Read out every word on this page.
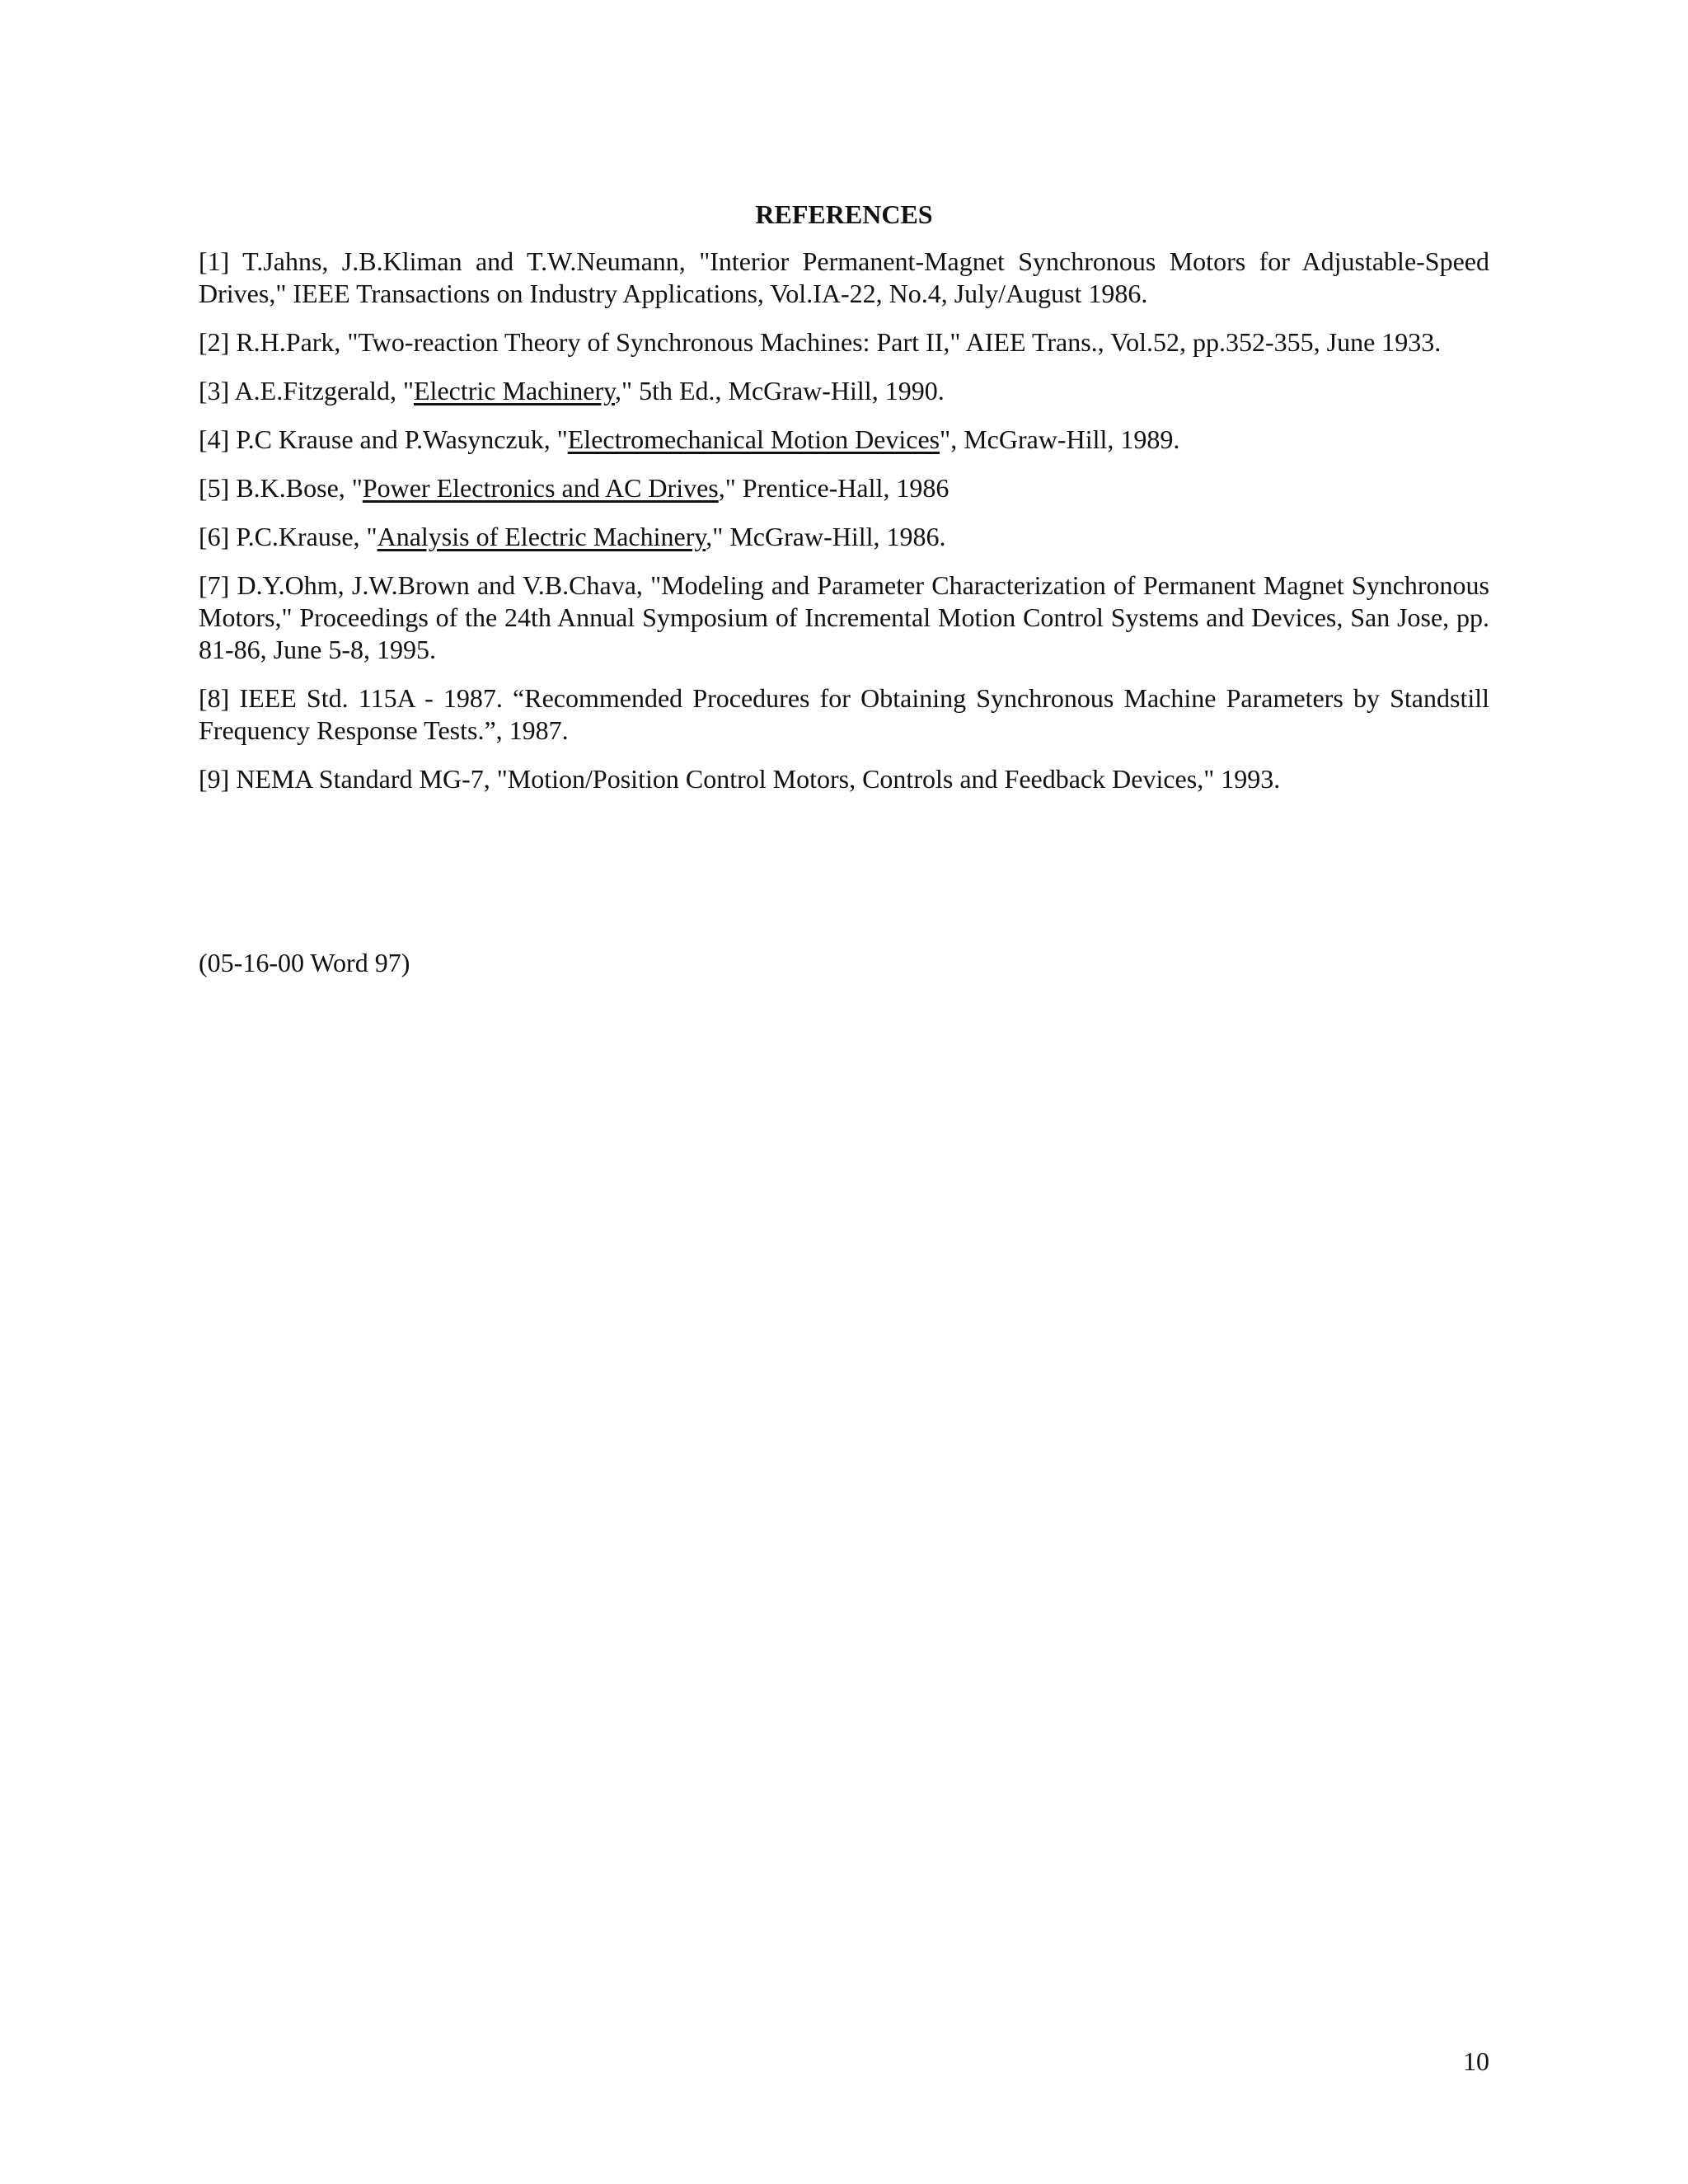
REFERENCES

[1] T.Jahns, J.B.Kliman and T.W.Neumann, "Interior Permanent-Magnet Synchronous Motors for Adjustable-Speed Drives," IEEE Transactions on Industry Applications, Vol.IA-22, No.4, July/August 1986.

[2] R.H.Park, "Two-reaction Theory of Synchronous Machines: Part II," AIEE Trans., Vol.52, pp.352-355, June 1933.

[3] A.E.Fitzgerald, "Electric Machinery," 5th Ed., McGraw-Hill, 1990.

[4] P.C Krause and P.Wasynczuk, "Electromechanical Motion Devices", McGraw-Hill, 1989.

[5] B.K.Bose, "Power Electronics and AC Drives," Prentice-Hall, 1986

[6] P.C.Krause, "Analysis of Electric Machinery," McGraw-Hill, 1986.

[7] D.Y.Ohm, J.W.Brown and V.B.Chava, "Modeling and Parameter Characterization of Permanent Magnet Synchronous Motors," Proceedings of the 24th Annual Symposium of Incremental Motion Control Systems and Devices, San Jose, pp. 81-86, June 5-8, 1995.

[8] IEEE Std. 115A - 1987. “Recommended Procedures for Obtaining Synchronous Machine Parameters by Standstill Frequency Response Tests.”, 1987.

[9] NEMA Standard MG-7, "Motion/Position Control Motors, Controls and Feedback Devices," 1993.

(05-16-00 Word 97)
10
